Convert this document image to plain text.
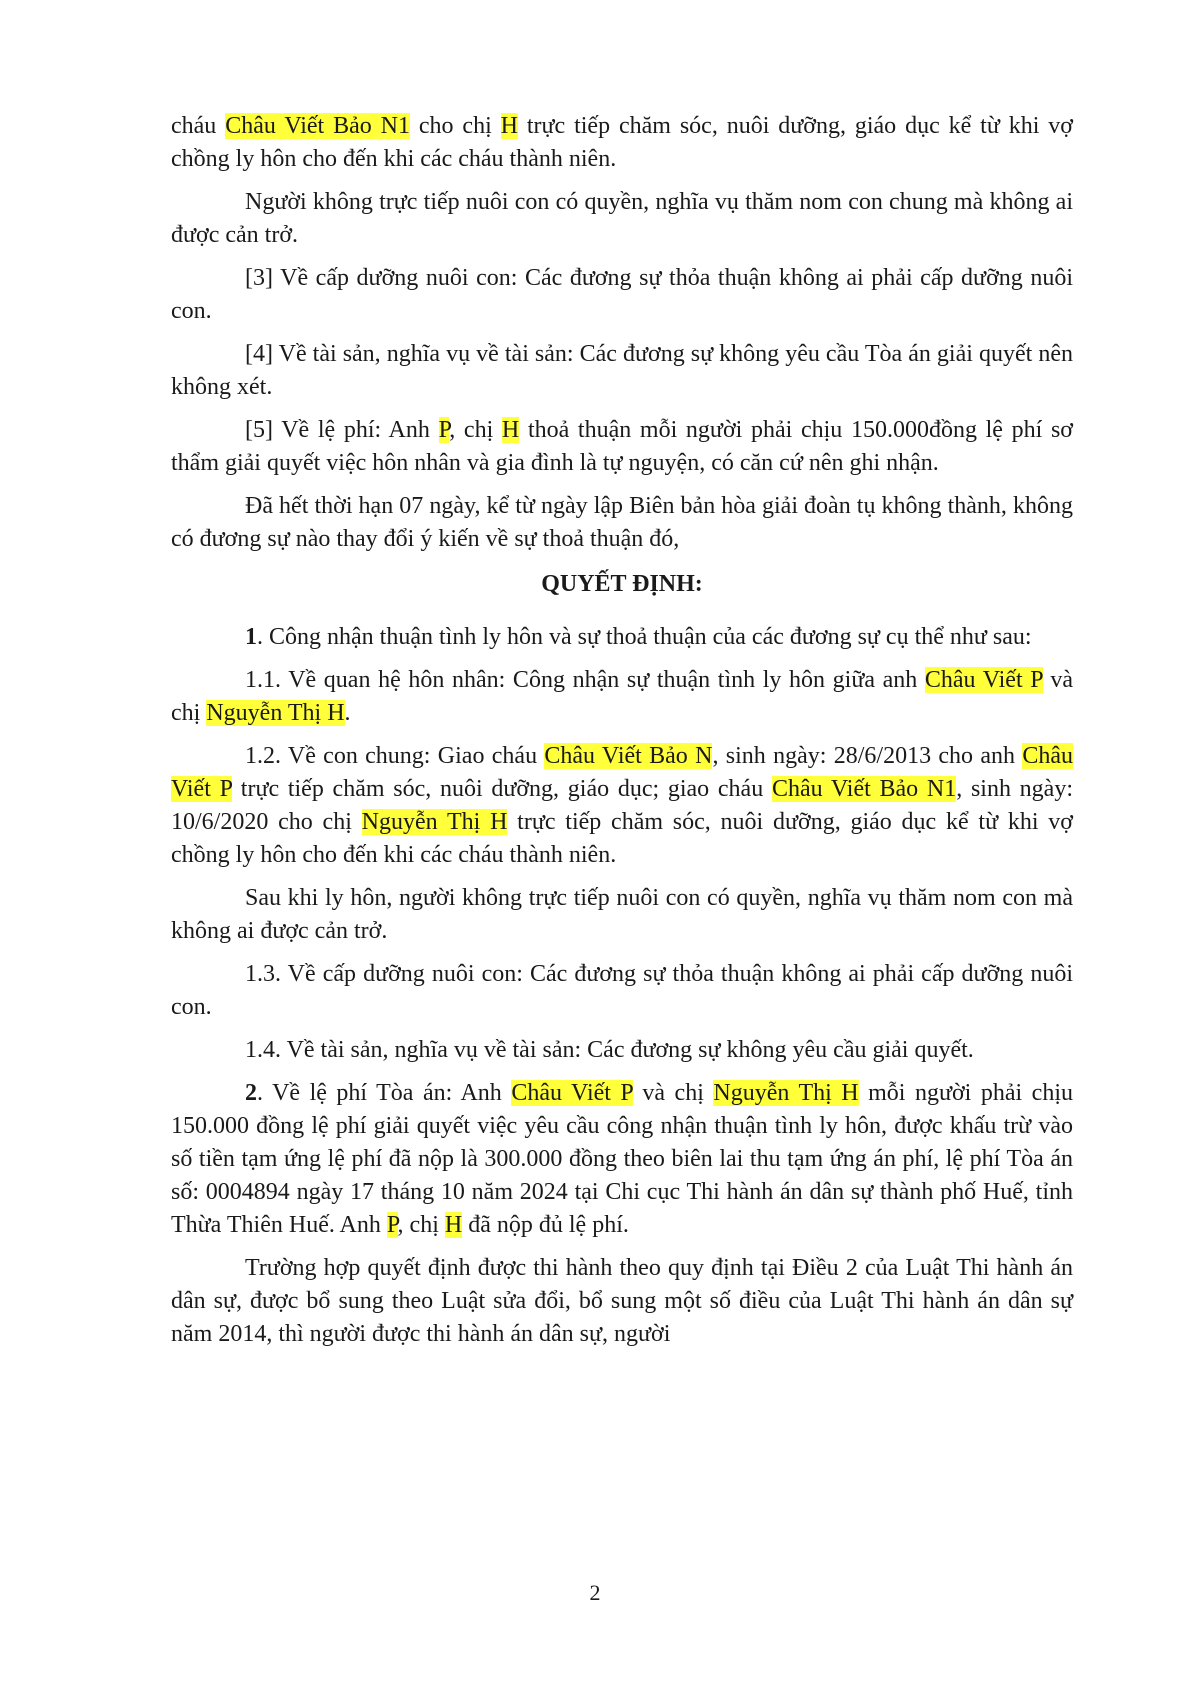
cháu Châu Viết Bảo N1 cho chị H trực tiếp chăm sóc, nuôi dưỡng, giáo dục kể từ khi vợ chồng ly hôn cho đến khi các cháu thành niên.

Người không trực tiếp nuôi con có quyền, nghĩa vụ thăm nom con chung mà không ai được cản trở.

[3] Về cấp dưỡng nuôi con: Các đương sự thỏa thuận không ai phải cấp dưỡng nuôi con.

[4] Về tài sản, nghĩa vụ về tài sản: Các đương sự không yêu cầu Tòa án giải quyết nên không xét.

[5] Về lệ phí: Anh P, chị H thoả thuận mỗi người phải chịu 150.000đồng lệ phí sơ thẩm giải quyết việc hôn nhân và gia đình là tự nguyện, có căn cứ nên ghi nhận.

Đã hết thời hạn 07 ngày, kể từ ngày lập Biên bản hòa giải đoàn tụ không thành, không có đương sự nào thay đổi ý kiến về sự thoả thuận đó,

QUYẾT ĐỊNH:

1. Công nhận thuận tình ly hôn và sự thoả thuận của các đương sự cụ thể như sau:

1.1. Về quan hệ hôn nhân: Công nhận sự thuận tình ly hôn giữa anh Châu Viết P và chị Nguyễn Thị H.

1.2. Về con chung: Giao cháu Châu Viết Bảo N, sinh ngày: 28/6/2013 cho anh Châu Viết P trực tiếp chăm sóc, nuôi dưỡng, giáo dục; giao cháu Châu Viết Bảo N1, sinh ngày: 10/6/2020 cho chị Nguyễn Thị H trực tiếp chăm sóc, nuôi dưỡng, giáo dục kể từ khi vợ chồng ly hôn cho đến khi các cháu thành niên.

Sau khi ly hôn, người không trực tiếp nuôi con có quyền, nghĩa vụ thăm nom con mà không ai được cản trở.

1.3. Về cấp dưỡng nuôi con: Các đương sự thỏa thuận không ai phải cấp dưỡng nuôi con.

1.4. Về tài sản, nghĩa vụ về tài sản: Các đương sự không yêu cầu giải quyết.

2. Về lệ phí Tòa án: Anh Châu Viết P và chị Nguyễn Thị H mỗi người phải chịu 150.000 đồng lệ phí giải quyết việc yêu cầu công nhận thuận tình ly hôn, được khấu trừ vào số tiền tạm ứng lệ phí đã nộp là 300.000 đồng theo biên lai thu tạm ứng án phí, lệ phí Tòa án số: 0004894 ngày 17 tháng 10 năm 2024 tại Chi cục Thi hành án dân sự thành phố Huế, tỉnh Thừa Thiên Huế. Anh P, chị H đã nộp đủ lệ phí.

Trường hợp quyết định được thi hành theo quy định tại Điều 2 của Luật Thi hành án dân sự, được bổ sung theo Luật sửa đổi, bổ sung một số điều của Luật Thi hành án dân sự năm 2014, thì người được thi hành án dân sự, người

2
